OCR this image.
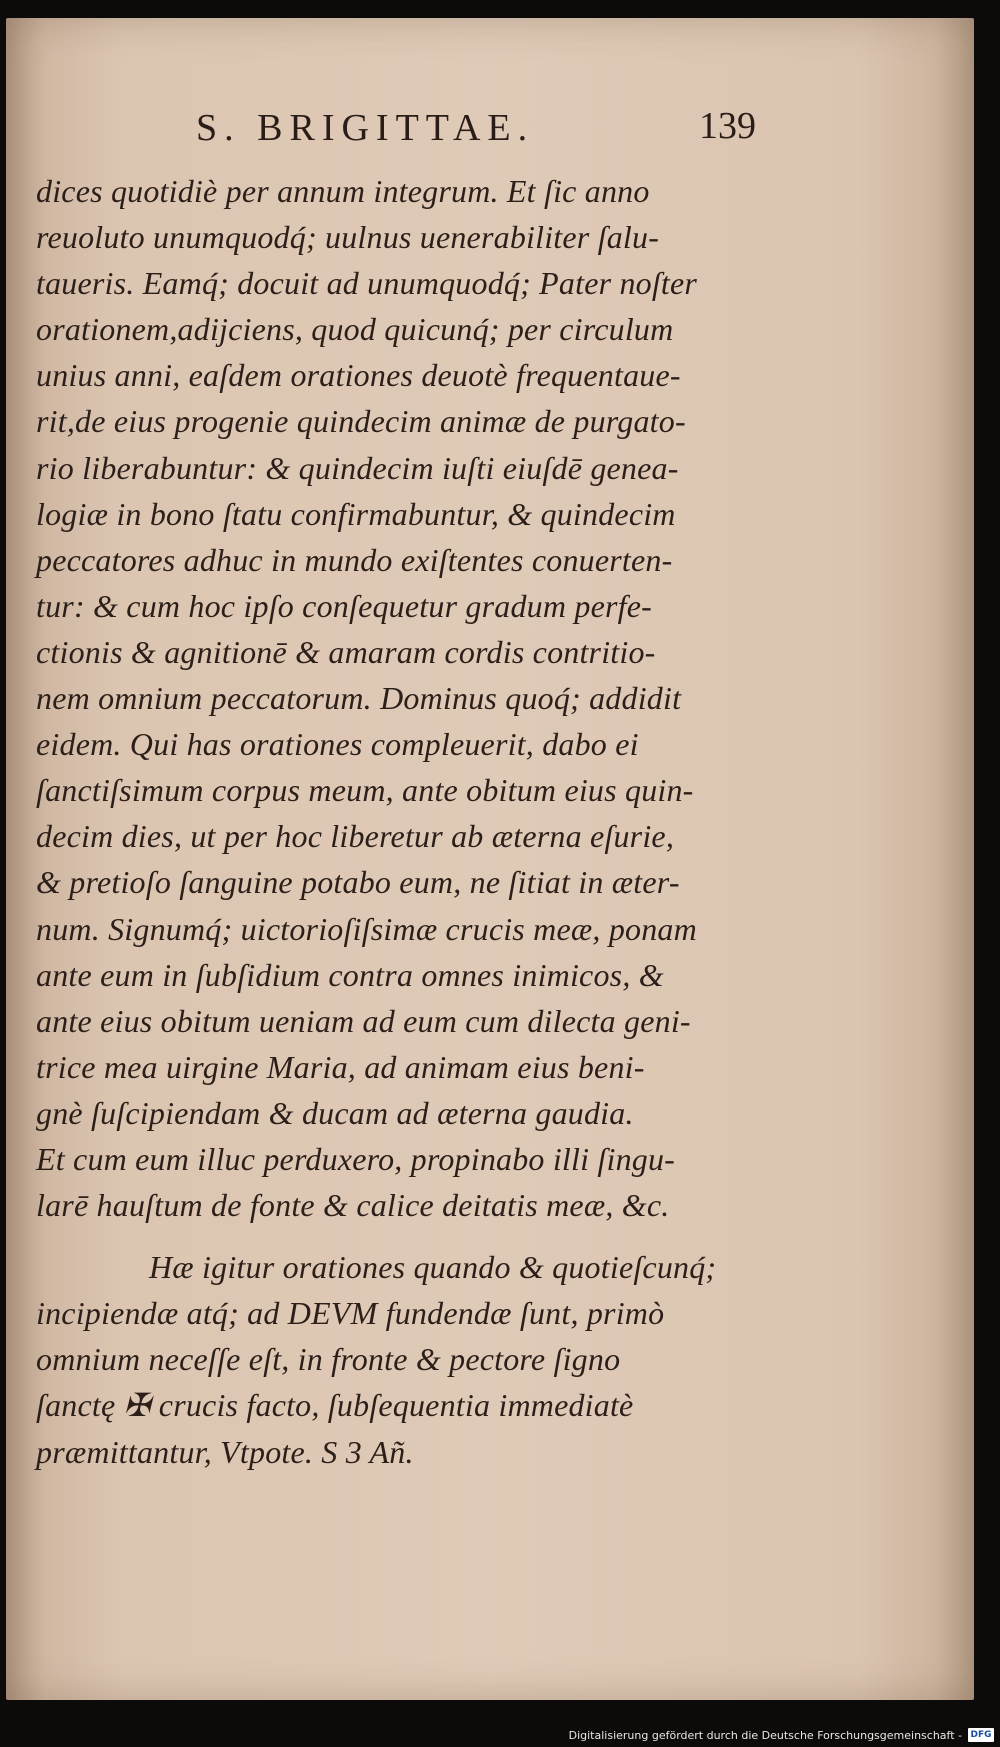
S. BRIGITTAE.	139
dices quotidiè per annum integrum. Et ſic anno
reuoluto unumquodq́; uulnus uenerabiliter ſalu-
taueris. Eamq́; docuit ad unumquodq́; Pater noſter
orationem,adijciens, quod quicunq́; per circulum
unius anni, eaſdem orationes deuotè frequentaue-
rit,de eius progenie quindecim animæ de purgato-
rio liberabuntur: & quindecim iuſti eiuſdē genea-
logiæ in bono ſtatu confirmabuntur, & quindecim
peccatores adhuc in mundo exiſtentes conuerten-
tur: & cum hoc ipſo conſequetur gradum perfe-
ctionis & agnitionē & amaram cordis contritio-
nem omnium peccatorum. Dominus quoq́; addidit
eidem. Qui has orationes compleuerit, dabo ei
ſanctiſsimum corpus meum, ante obitum eius quin-
decim dies, ut per hoc liberetur ab æterna eſurie,
& pretioſo ſanguine potabo eum, ne ſitiat in æter-
num. Signumq́; uictorioſiſsimæ crucis meæ, ponam
ante eum in ſubſidium contra omnes inimicos, &
ante eius obitum ueniam ad eum cum dilecta geni-
trice mea uirgine Maria, ad animam eius beni-
gnè ſuſcipiendam & ducam ad æterna gaudia.
Et cum eum illuc perduxero, propinabo illi ſingu-
larē hauſtum de fonte & calice deitatis meæ, &c.
Hæ igitur orationes quando & quotieſcunq́;
incipiendæ atq́; ad DEVM fundendæ ſunt, primò
omnium neceſſe eſt, in fronte & pectore ſigno
ſanctę ✠ crucis facto, ſubſequentia immediatè
præmittantur, Vtpote. S 3 Añ.
Digitalisierung gefördert durch die Deutsche Forschungsgemeinschaft - DFG
